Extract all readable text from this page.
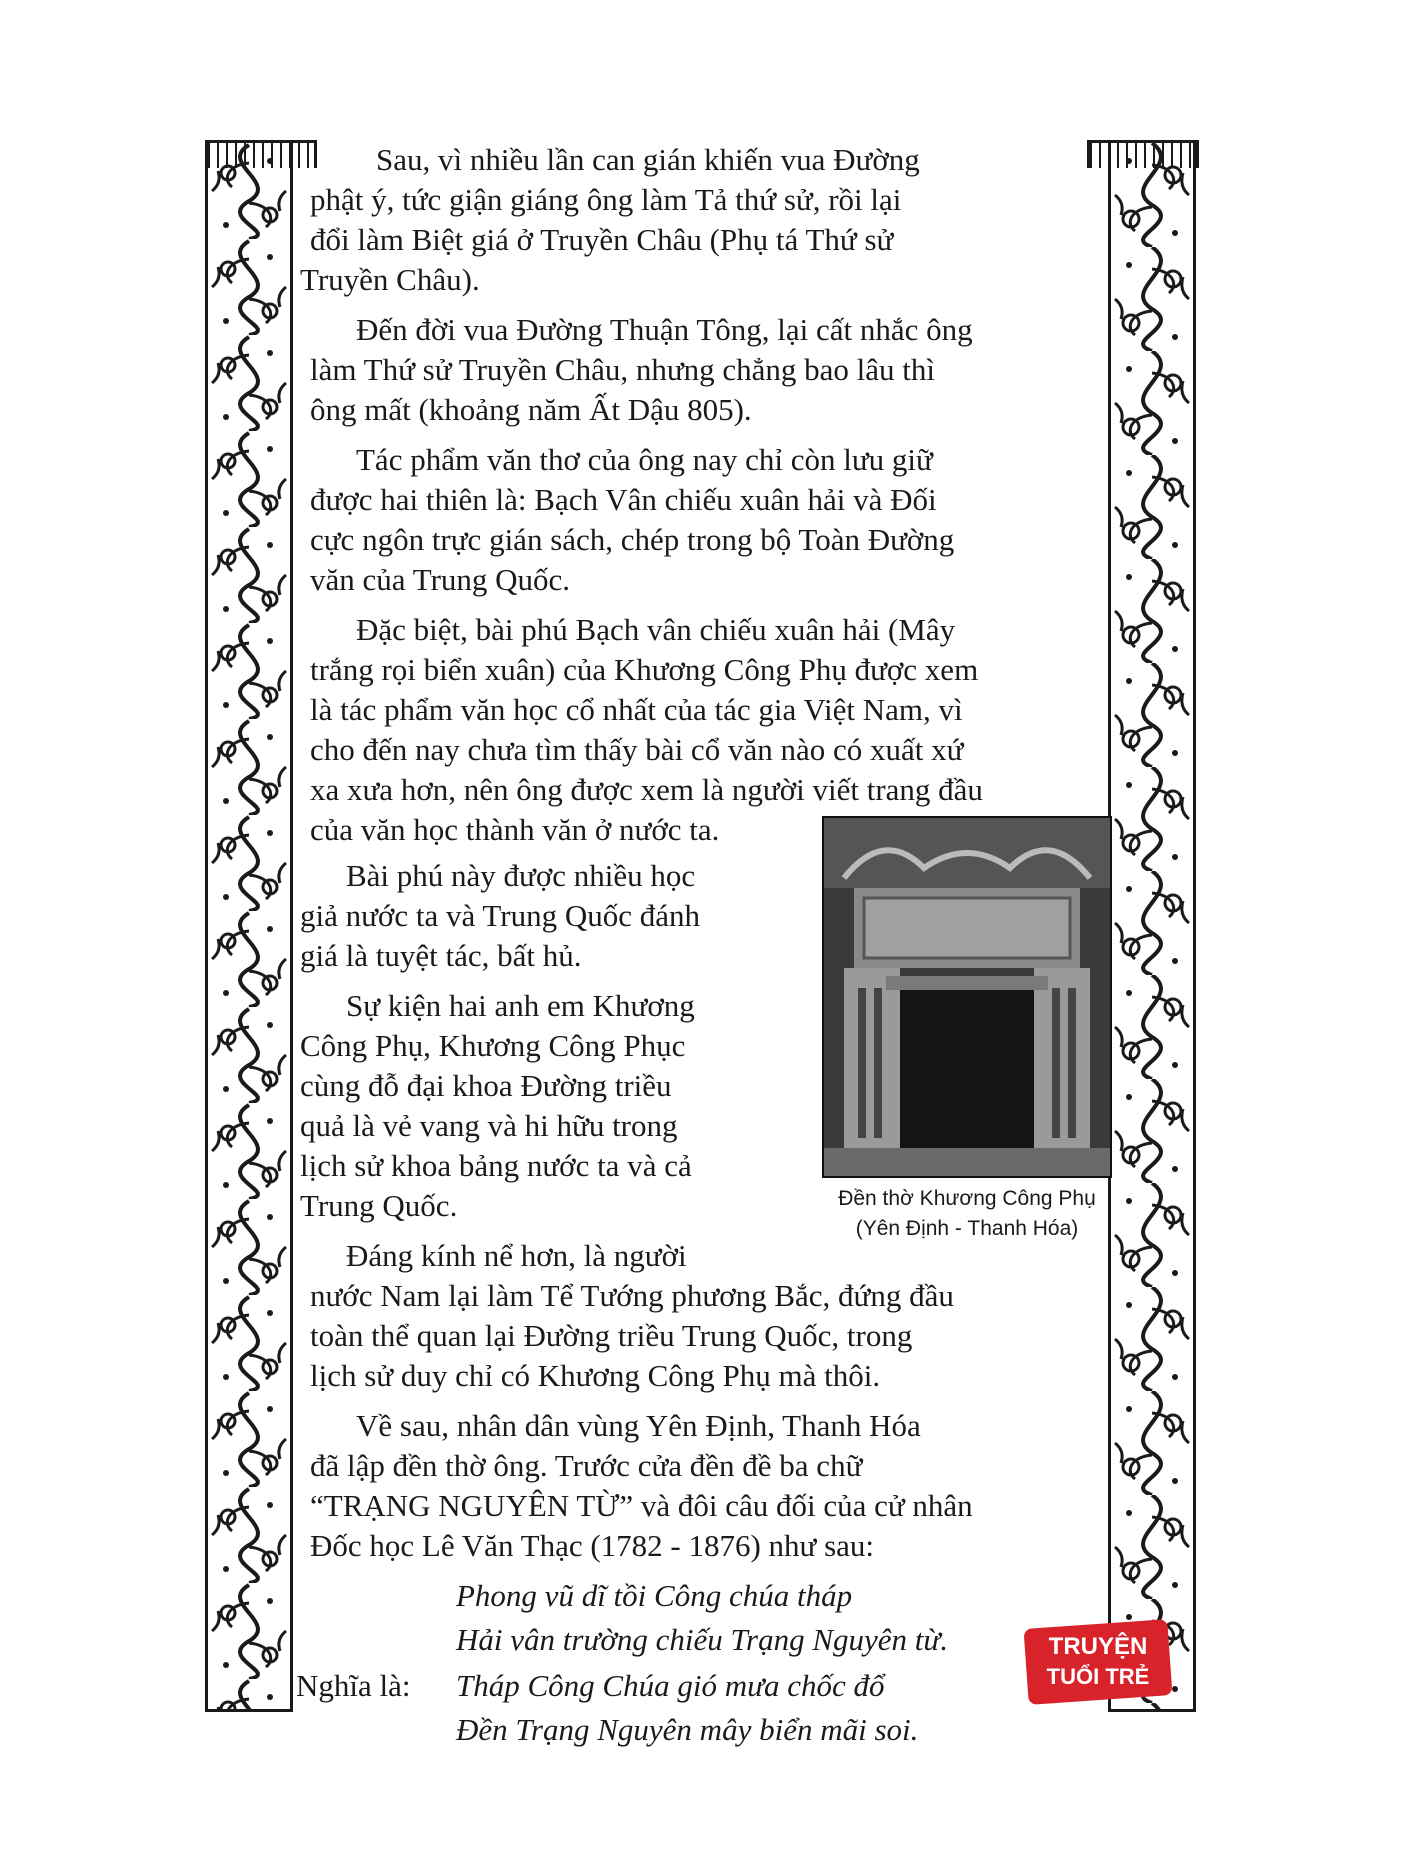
Sau, vì nhiều lần can gián khiến vua Đường
phật ý, tức giận giáng ông làm Tả thứ sử, rồi lại
đổi làm Biệt giá ở Truyền Châu (Phụ tá Thứ sử
Truyền Châu).
Đến đời vua Đường Thuận Tông, lại cất nhắc ông
làm Thứ sử Truyền Châu, nhưng chẳng bao lâu thì
ông mất (khoảng năm Ất Dậu 805).
Tác phẩm văn thơ của ông nay chỉ còn lưu giữ
được hai thiên là: Bạch Vân chiếu xuân hải và Đối
cực ngôn trực gián sách, chép trong bộ Toàn Đường
văn của Trung Quốc.
Đặc biệt, bài phú Bạch vân chiếu xuân hải (Mây
trắng rọi biển xuân) của Khương Công Phụ được xem
là tác phẩm văn học cổ nhất của tác gia Việt Nam, vì
cho đến nay chưa tìm thấy bài cổ văn nào có xuất xứ
xa xưa hơn, nên ông được xem là người viết trang đầu
của văn học thành văn ở nước ta.
Bài phú này được nhiều học
giả nước ta và Trung Quốc đánh
giá là tuyệt tác, bất hủ.
Sự kiện hai anh em Khương
Công Phụ, Khương Công Phục
cùng đỗ đại khoa Đường triều
quả là vẻ vang và hi hữu trong
lịch sử khoa bảng nước ta và cả
Trung Quốc.
Đáng kính nể hơn, là người
nước Nam lại làm Tể Tướng phương Bắc, đứng đầu
toàn thể quan lại Đường triều Trung Quốc, trong
lịch sử duy chỉ có Khương Công Phụ mà thôi.
Về sau, nhân dân vùng Yên Định, Thanh Hóa
đã lập đền thờ ông. Trước cửa đền đề ba chữ
“TRẠNG NGUYÊN TỪ” và đôi câu đối của cử nhân
Đốc học Lê Văn Thạc (1782 - 1876) như sau:
Phong vũ dĩ tồi Công chúa tháp
Hải vân trường chiếu Trạng Nguyên từ.
Nghĩa là: Tháp Công Chúa gió mưa chốc đổ
Đền Trạng Nguyên mây biển mãi soi.
Đền thờ Khương Công Phụ
(Yên Định - Thanh Hóa)
TRUYỆN
TUỔI TRẺ
